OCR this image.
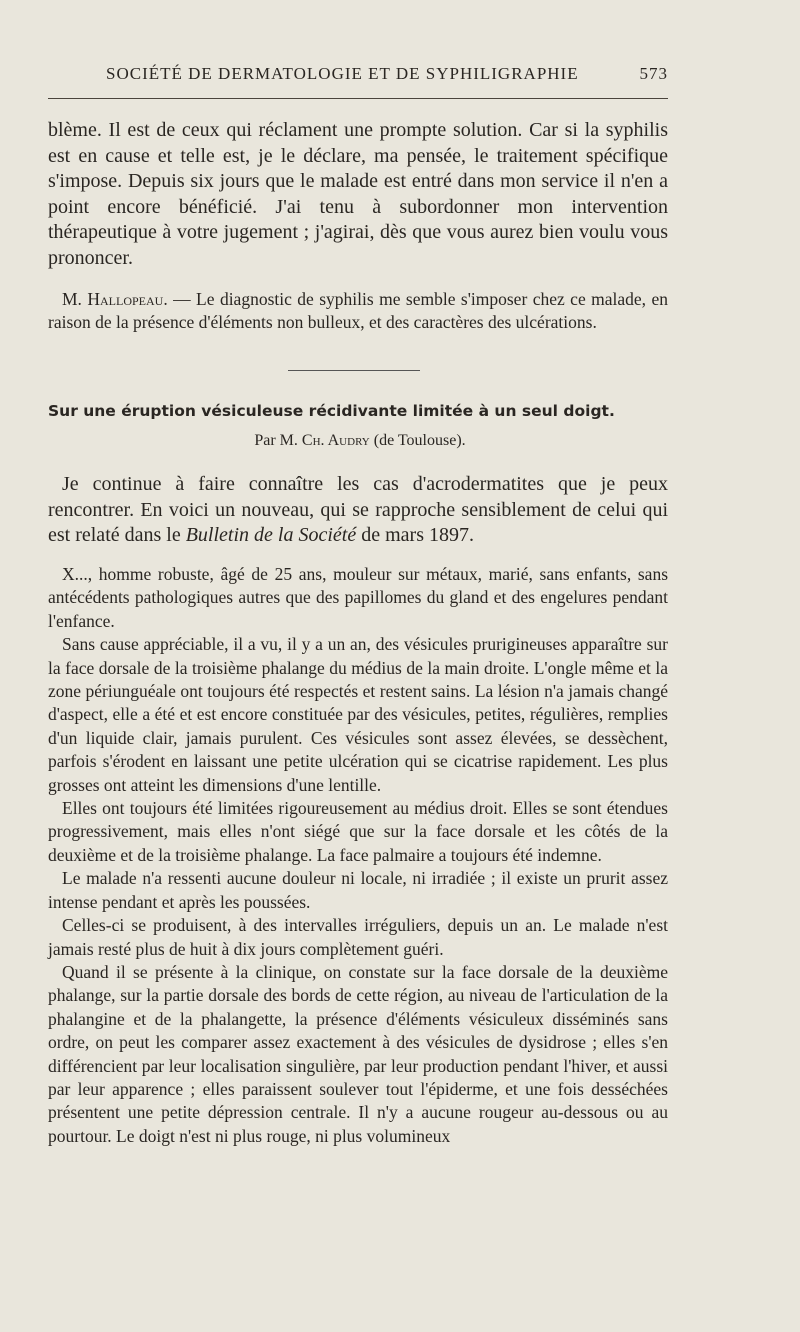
SOCIÉTÉ DE DERMATOLOGIE ET DE SYPHILIGRAPHIE	573

blème. Il est de ceux qui réclament une prompte solution. Car si la syphilis est en cause et telle est, je le déclare, ma pensée, le traitement spécifique s'impose. Depuis six jours que le malade est entré dans mon service il n'en a point encore bénéficié. J'ai tenu à subordonner mon intervention thérapeutique à votre jugement ; j'agirai, dès que vous aurez bien voulu vous prononcer.

M. Hallopeau. — Le diagnostic de syphilis me semble s'imposer chez ce malade, en raison de la présence d'éléments non bulleux, et des caractères des ulcérations.

Sur une éruption vésiculeuse récidivante limitée à un seul doigt.
Par M. Ch. Audry (de Toulouse).

Je continue à faire connaître les cas d'acrodermatites que je peux rencontrer. En voici un nouveau, qui se rapproche sensiblement de celui qui est relaté dans le Bulletin de la Société de mars 1897.

X..., homme robuste, âgé de 25 ans, mouleur sur métaux, marié, sans enfants, sans antécédents pathologiques autres que des papillomes du gland et des engelures pendant l'enfance.

Sans cause appréciable, il a vu, il y a un an, des vésicules prurigineuses apparaître sur la face dorsale de la troisième phalange du médius de la main droite. L'ongle même et la zone périunguéale ont toujours été respectés et restent sains. La lésion n'a jamais changé d'aspect, elle a été et est encore constituée par des vésicules, petites, régulières, remplies d'un liquide clair, jamais purulent. Ces vésicules sont assez élevées, se dessèchent, parfois s'érodent en laissant une petite ulcération qui se cicatrise rapidement. Les plus grosses ont atteint les dimensions d'une lentille.

Elles ont toujours été limitées rigoureusement au médius droit. Elles se sont étendues progressivement, mais elles n'ont siégé que sur la face dorsale et les côtés de la deuxième et de la troisième phalange. La face palmaire a toujours été indemne.

Le malade n'a ressenti aucune douleur ni locale, ni irradiée ; il existe un prurit assez intense pendant et après les poussées.

Celles-ci se produisent, à des intervalles irréguliers, depuis un an. Le malade n'est jamais resté plus de huit à dix jours complètement guéri.

Quand il se présente à la clinique, on constate sur la face dorsale de la deuxième phalange, sur la partie dorsale des bords de cette région, au niveau de l'articulation de la phalangine et de la phalangette, la présence d'éléments vésiculeux disséminés sans ordre, on peut les comparer assez exactement à des vésicules de dysidrose ; elles s'en différencient par leur localisation singulière, par leur production pendant l'hiver, et aussi par leur apparence ; elles paraissent soulever tout l'épiderme, et une fois desséchées présentent une petite dépression centrale. Il n'y a aucune rougeur au-dessous ou au pourtour. Le doigt n'est ni plus rouge, ni plus volumineux
